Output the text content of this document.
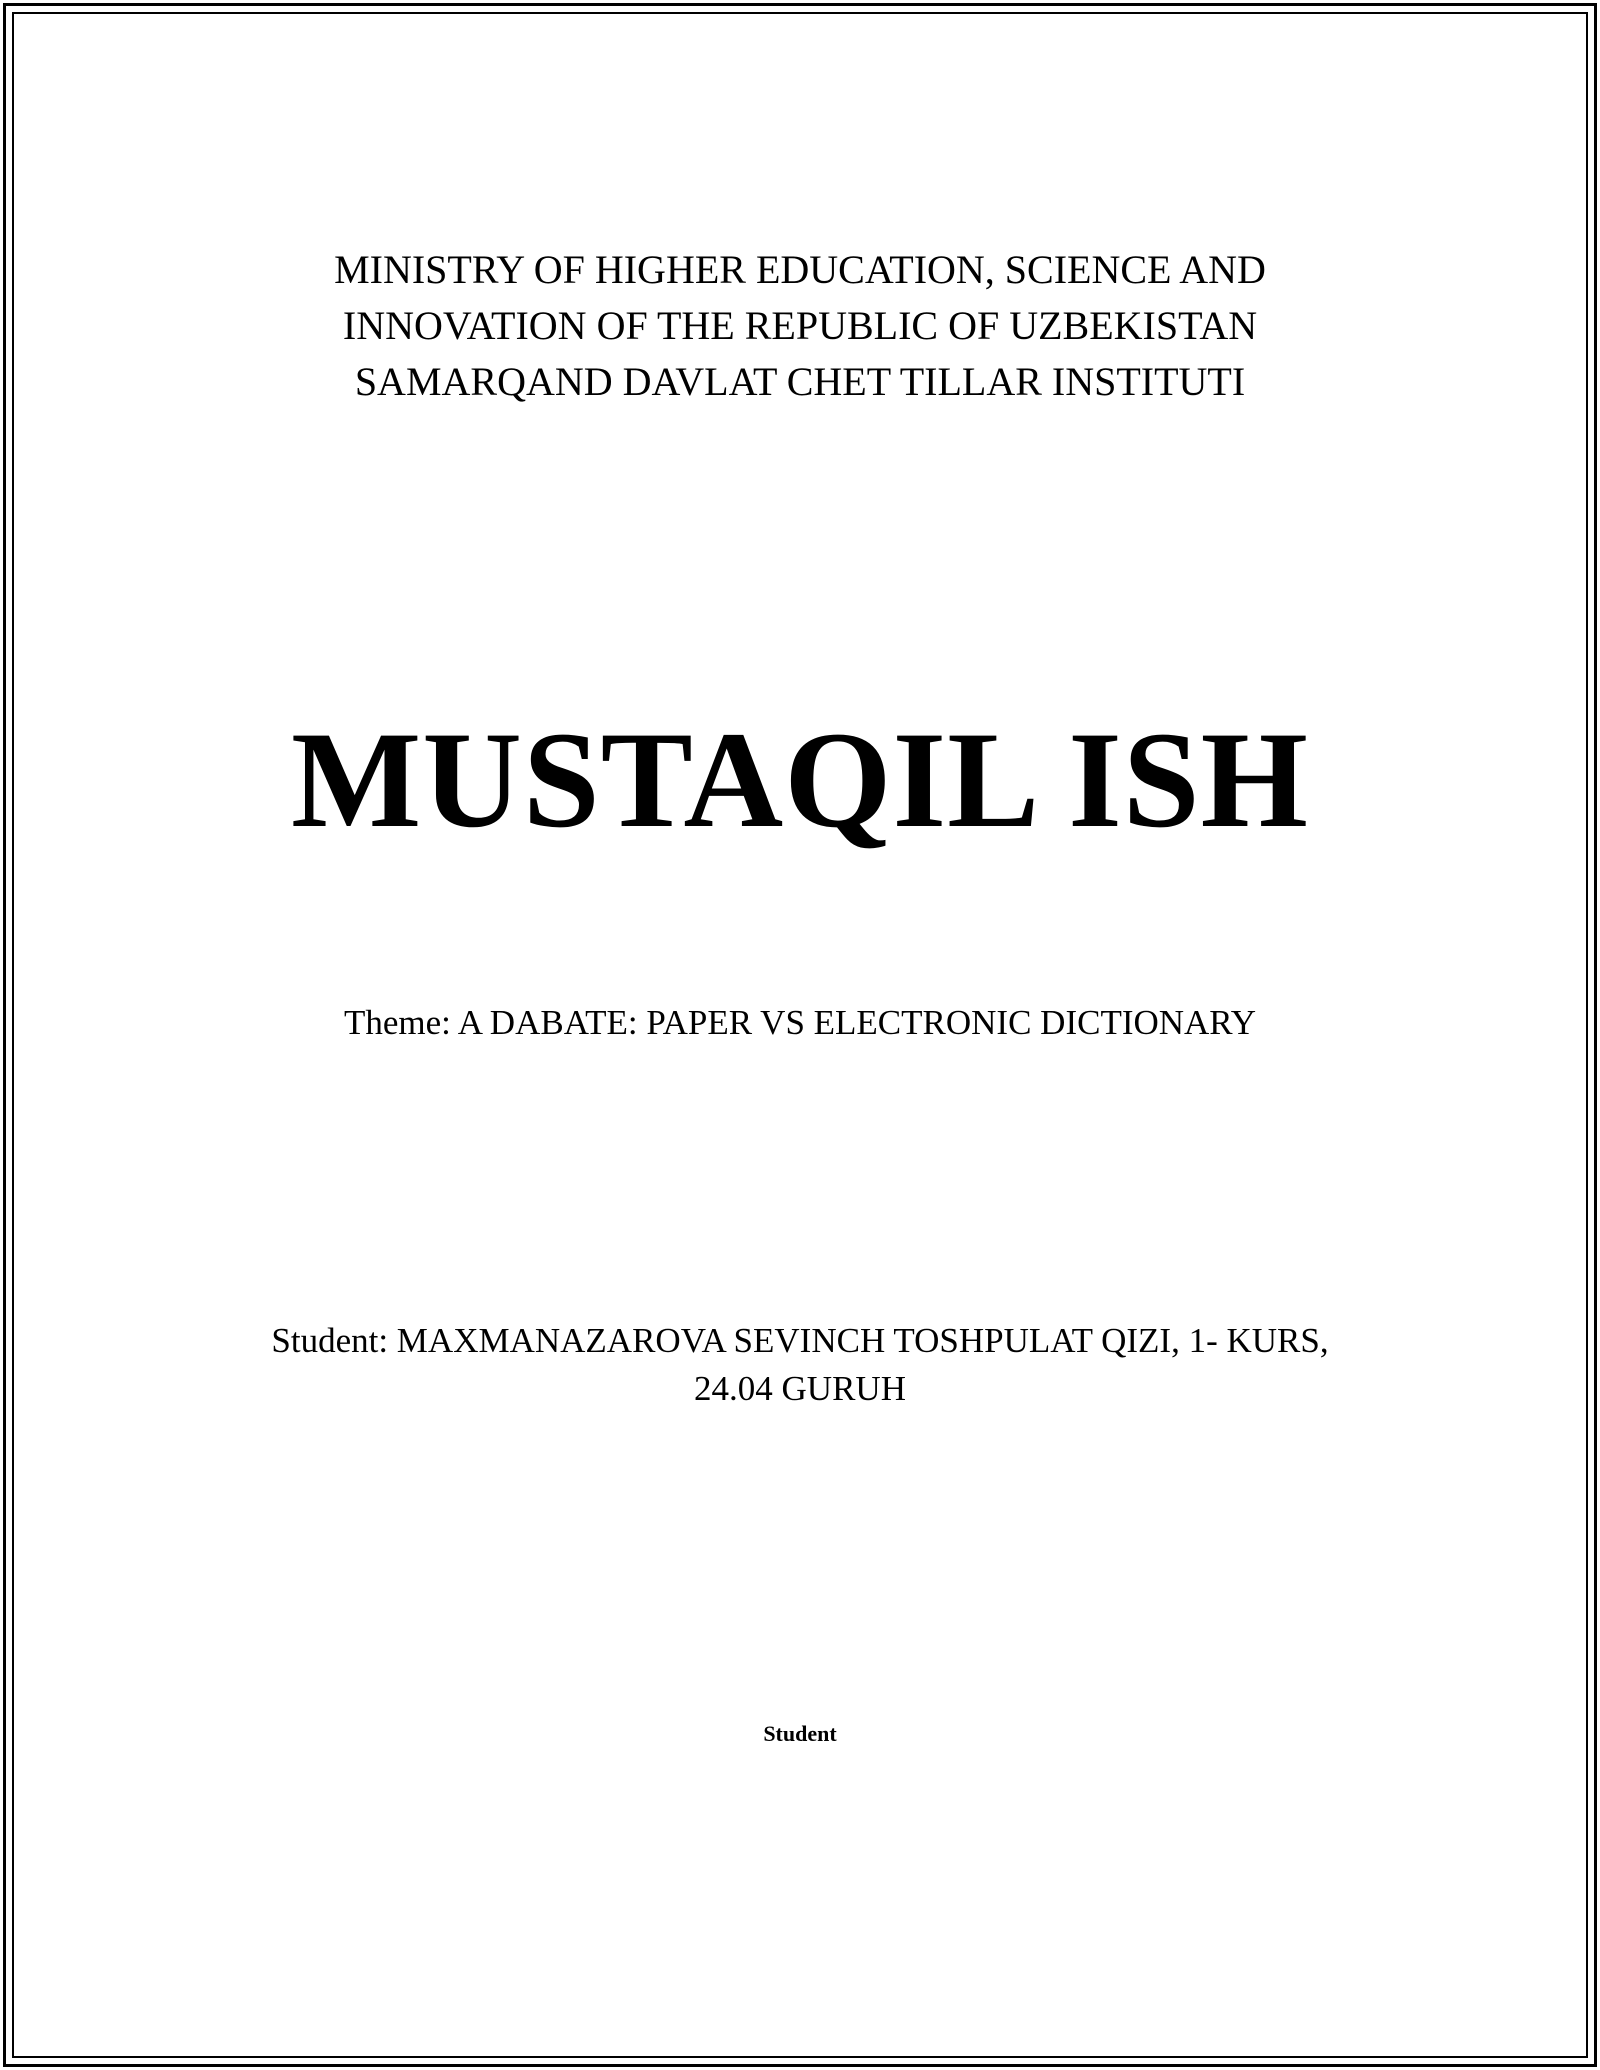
MINISTRY OF HIGHER EDUCATION, SCIENCE AND
INNOVATION OF THE REPUBLIC OF UZBEKISTAN
SAMARQAND DAVLAT CHET TILLAR INSTITUTI
MUSTAQIL ISH
Theme: A DABATE: PAPER VS ELECTRONIC DICTIONARY
Student: MAXMANAZAROVA SEVINCH TOSHPULAT QIZI, 1- KURS,
24.04 GURUH
Student
